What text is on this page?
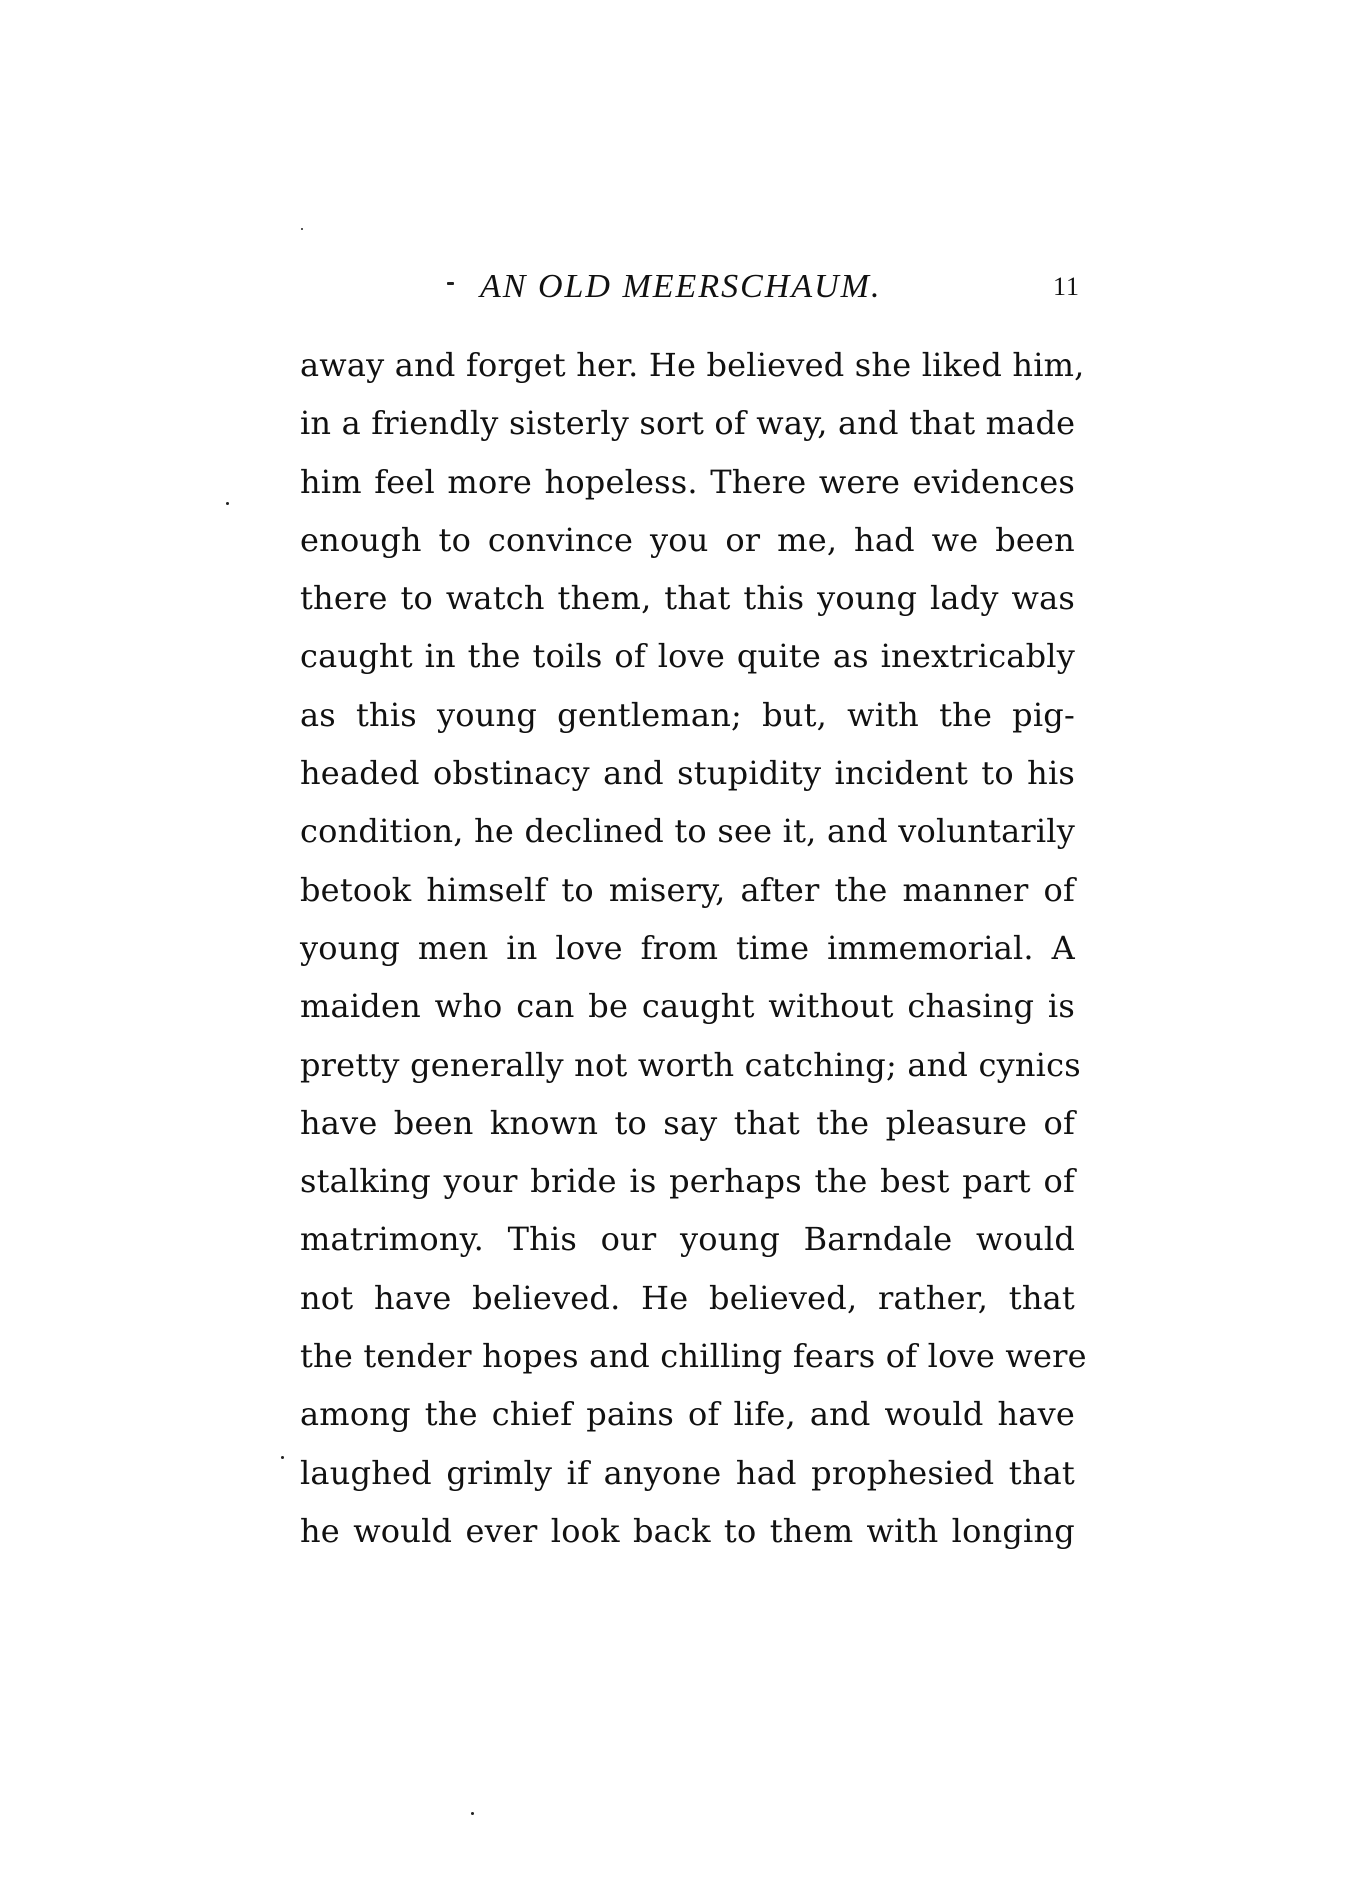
AN OLD MEERSCHAUM.	11
away and forget her. He believed she liked him,
in a friendly sisterly sort of way, and that made
him feel more hopeless. There were evidences
enough to convince you or me, had we been
there to watch them, that this young lady was
caught in the toils of love quite as inextricably
as this young gentleman; but, with the pig-
headed obstinacy and stupidity incident to his
condition, he declined to see it, and voluntarily
betook himself to misery, after the manner of
young men in love from time immemorial. A
maiden who can be caught without chasing is
pretty generally not worth catching; and cynics
have been known to say that the pleasure of
stalking your bride is perhaps the best part of
matrimony. This our young Barndale would
not have believed. He believed, rather, that
the tender hopes and chilling fears of love were
among the chief pains of life, and would have
laughed grimly if anyone had prophesied that
he would ever look back to them with longing
